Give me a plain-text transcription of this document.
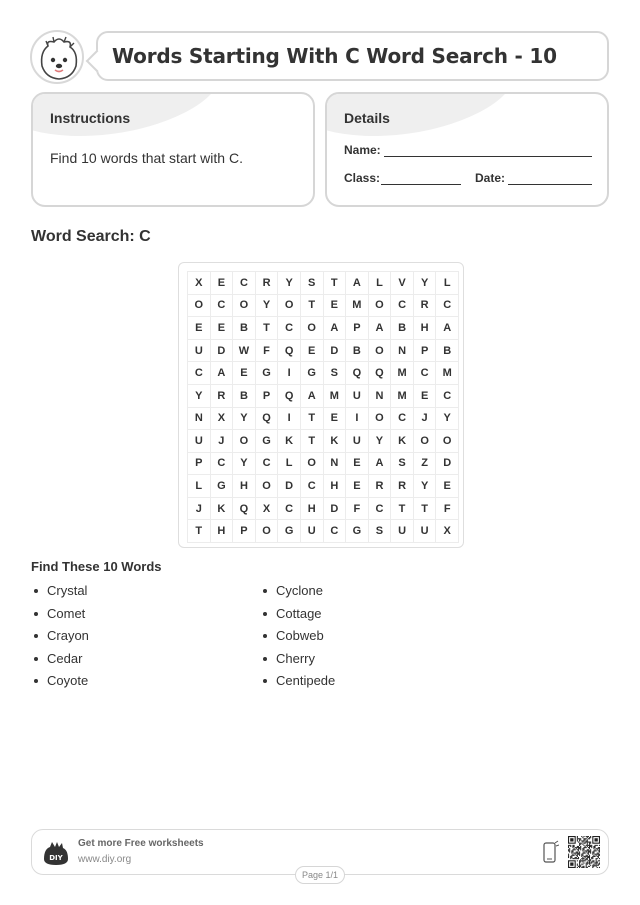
Words Starting With C Word Search - 10
Instructions
Find 10 words that start with C.
Details
Name:
Class:	Date:
Word Search: C
X	E	C	R	Y	S	T	A	L	V	Y	L
O	C	O	Y	O	T	E	M	O	C	R	C
E	E	B	T	C	O	A	P	A	B	H	A
U	D	W	F	Q	E	D	B	O	N	P	B
C	A	E	G	I	G	S	Q	Q	M	C	M
Y	R	B	P	Q	A	M	U	N	M	E	C
N	X	Y	Q	I	T	E	I	O	C	J	Y
U	J	O	G	K	T	K	U	Y	K	O	O
P	C	Y	C	L	O	N	E	A	S	Z	D
L	G	H	O	D	C	H	E	R	R	Y	E
J	K	Q	X	C	H	D	F	C	T	T	F
T	H	P	O	G	U	C	G	S	U	U	X
Find These 10 Words
Crystal
Comet
Crayon
Cedar
Coyote
Cyclone
Cottage
Cobweb
Cherry
Centipede
DIY
Get more Free worksheets
www.diy.org
Page 1/1
